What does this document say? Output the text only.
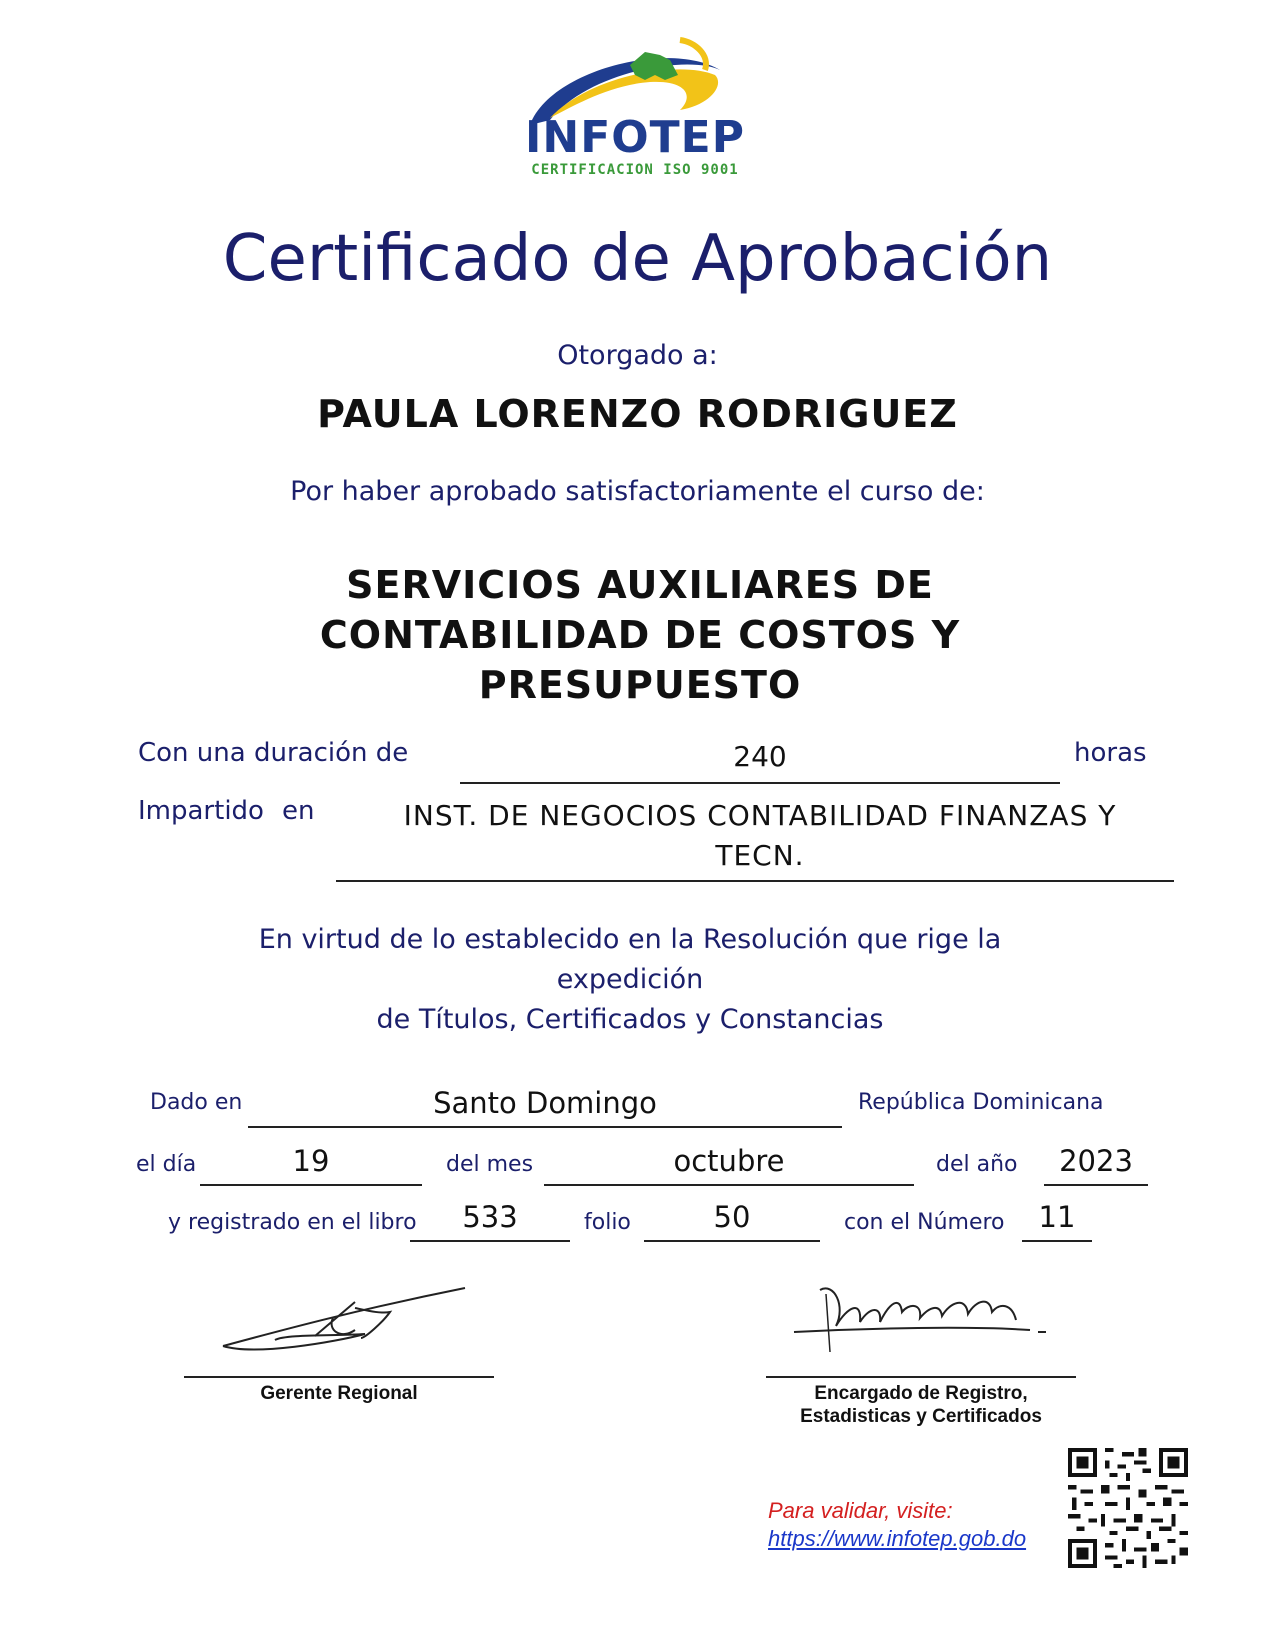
INFOTEP
CERTIFICACION ISO 9001
Certificado de Aprobación
Otorgado a:
PAULA LORENZO RODRIGUEZ
Por haber aprobado satisfactoriamente el curso de:
SERVICIOS AUXILIARES DE
CONTABILIDAD DE COSTOS Y
PRESUPUESTO
Con una duración de	240	horas
Impartido en	INST. DE NEGOCIOS CONTABILIDAD FINANZAS Y
TECN.
En virtud de lo establecido en la Resolución que rige la expedición
de Títulos, Certificados y Constancias
Dado en	Santo Domingo	República Dominicana
el día	19	del mes	octubre	del año	2023
y registrado en el libro	533	folio	50	con el Número	11
Gerente Regional	Encargado de Registro,
Estadisticas y Certificados
Para validar, visite:
https://www.infotep.gob.do
